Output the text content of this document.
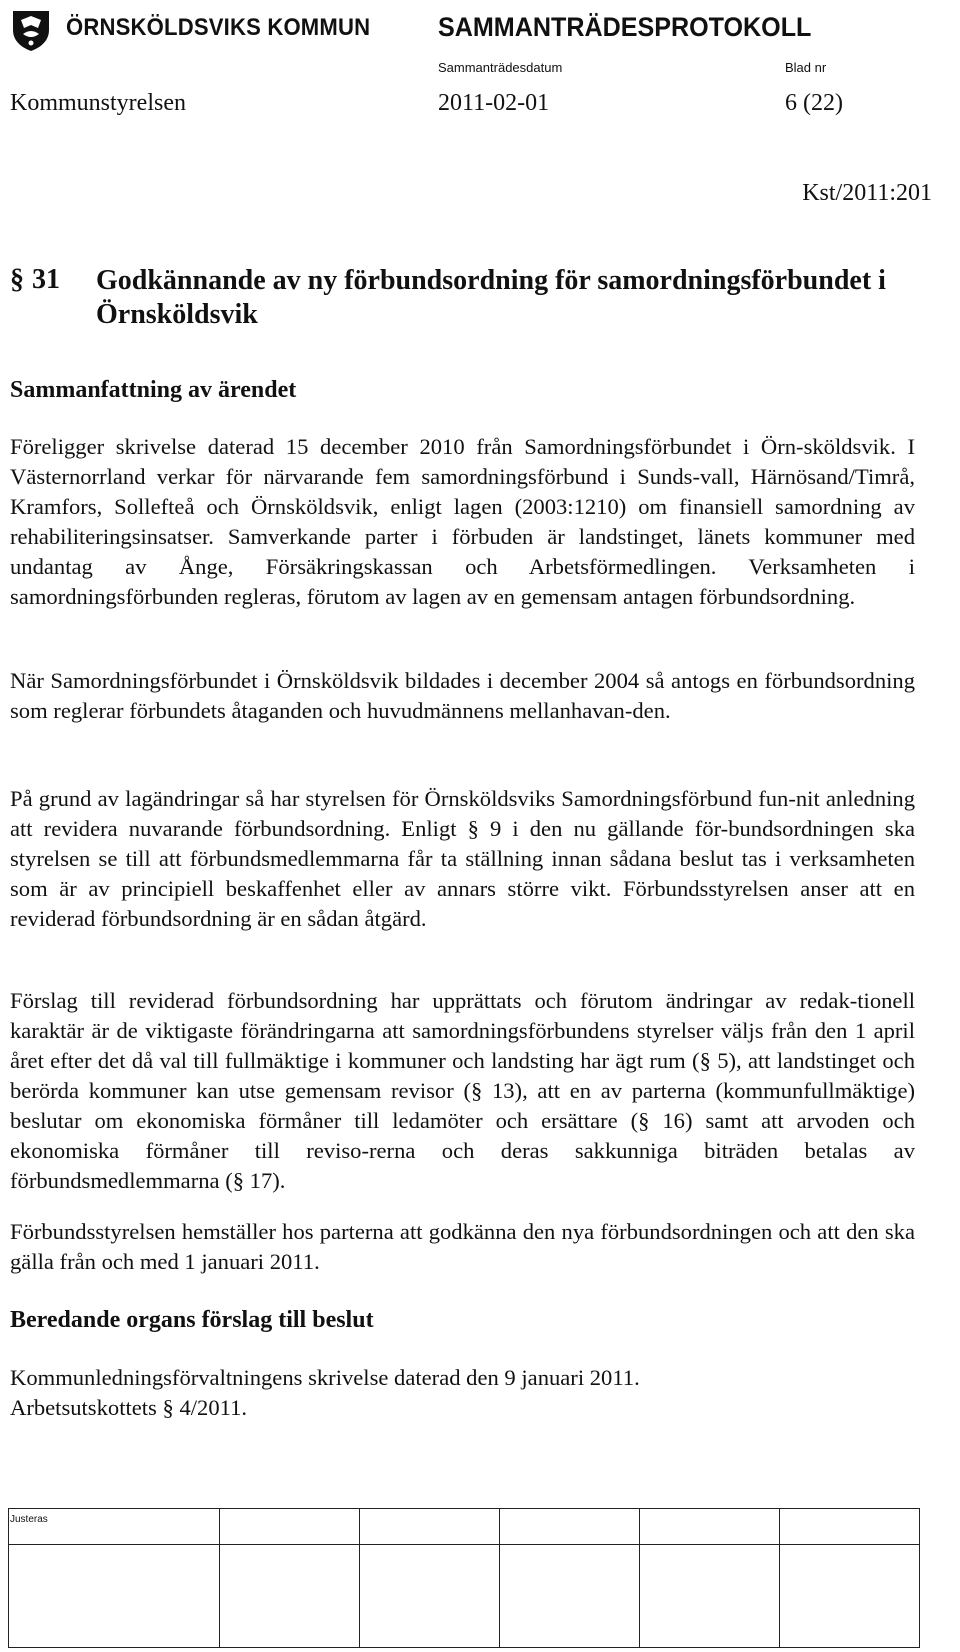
ÖRNSKÖLDSVIKS KOMMUN	SAMMANTRÄDESPROTOKOLL
Sammanträdesdatum	Blad nr
Kommunstyrelsen	2011-02-01	6 (22)
Kst/2011:201
§ 31 Godkännande av ny förbundsordning för samordningsförbundet i Örnsköldsvik
Sammanfattning av ärendet

Föreligger skrivelse daterad 15 december 2010 från Samordningsförbundet i Örn-sköldsvik. I Västernorrland verkar för närvarande fem samordningsförbund i Sunds-vall, Härnösand/Timrå, Kramfors, Sollefteå och Örnsköldsvik, enligt lagen (2003:1210) om finansiell samordning av rehabiliteringsinsatser. Samverkande parter i förbuden är landstinget, länets kommuner med undantag av Ånge, Försäkringskassan och Arbetsförmedlingen. Verksamheten i samordningsförbunden regleras, förutom av lagen av en gemensam antagen förbundsordning.

När Samordningsförbundet i Örnsköldsvik bildades i december 2004 så antogs en förbundsordning som reglerar förbundets åtaganden och huvudmännens mellanhavan-den.

På grund av lagändringar så har styrelsen för Örnsköldsviks Samordningsförbund fun-nit anledning att revidera nuvarande förbundsordning. Enligt § 9 i den nu gällande för-bundsordningen ska styrelsen se till att förbundsmedlemmarna får ta ställning innan sådana beslut tas i verksamheten som är av principiell beskaffenhet eller av annars större vikt. Förbundsstyrelsen anser att en reviderad förbundsordning är en sådan åtgärd.

Förslag till reviderad förbundsordning har upprättats och förutom ändringar av redak-tionell karaktär är de viktigaste förändringarna att samordningsförbundens styrelser väljs från den 1 april året efter det då val till fullmäktige i kommuner och landsting har ägt rum (§ 5), att landstinget och berörda kommuner kan utse gemensam revisor (§ 13), att en av parterna (kommunfullmäktige) beslutar om ekonomiska förmåner till ledamöter och ersättare (§ 16) samt att arvoden och ekonomiska förmåner till reviso-rerna och deras sakkunniga biträden betalas av förbundsmedlemmarna (§ 17).

Förbundsstyrelsen hemställer hos parterna att godkänna den nya förbundsordningen och att den ska gälla från och med 1 januari 2011.

Beredande organs förslag till beslut

Kommunledningsförvaltningens skrivelse daterad den 9 januari 2011.

Arbetsutskottets § 4/2011.

Justeras
